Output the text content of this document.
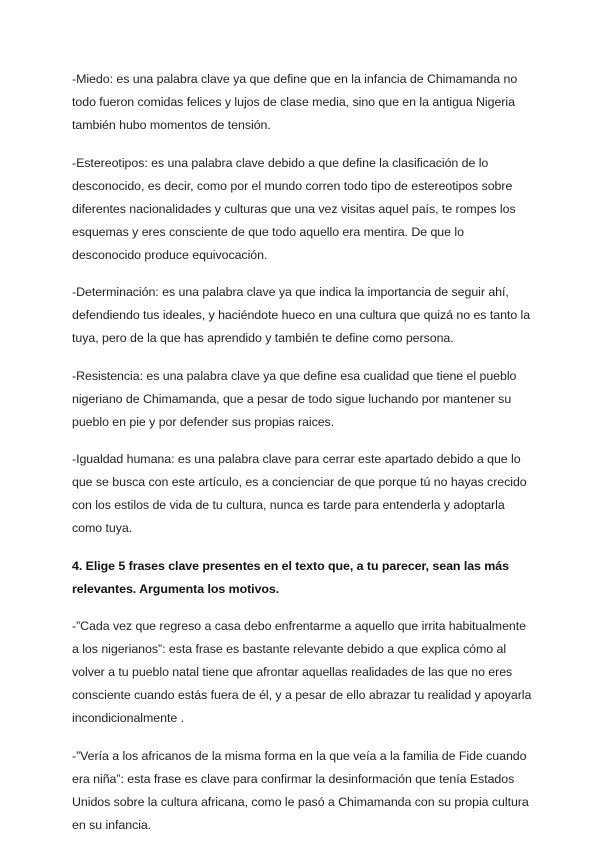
-Miedo: es una palabra clave ya que define que en la infancia de Chimamanda no todo fueron comidas felices y lujos de clase media, sino que en la antigua Nigeria también hubo momentos de tensión.

-Estereotipos: es una palabra clave debido a que define la clasificación de lo desconocido, es decir, como por el mundo corren todo tipo de estereotipos sobre diferentes nacionalidades y culturas que una vez visitas aquel país, te rompes los esquemas y eres consciente de que todo aquello era mentira. De que lo desconocido produce equivocación.

-Determinación: es una palabra clave ya que indica la importancia de seguir ahí, defendiendo tus ideales, y haciéndote hueco en una cultura que quizá no es tanto la tuya, pero de la que has aprendido y también te define como persona.

-Resistencia: es una palabra clave ya que define esa cualidad que tiene el pueblo nigeriano de Chimamanda, que a pesar de todo sigue luchando por mantener su pueblo en pie y por defender sus propias raices.

-Igualdad humana: es una palabra clave para cerrar este apartado debido a que lo que se busca con este artículo, es a concienciar de que porque tú no hayas crecido con los estilos de vida de tu cultura, nunca es tarde para entenderla y adoptarla como tuya.

4. Elige 5 frases clave presentes en el texto que, a tu parecer, sean las más relevantes. Argumenta los motivos.

-”Cada vez que regreso a casa debo enfrentarme a aquello que irrita habitualmente a los nigerianos”: esta frase es bastante relevante debido a que explica cómo al volver a tu pueblo natal tiene que afrontar aquellas realidades de las que no eres consciente cuando estás fuera de él, y a pesar de ello abrazar tu realidad y apoyarla incondicionalmente .

-”Vería a los africanos de la misma forma en la que veía a la familia de Fide cuando era niña”: esta frase es clave para confirmar la desinformación que tenía Estados Unidos sobre la cultura africana, como le pasó a Chimamanda con su propia cultura en su infancia.
